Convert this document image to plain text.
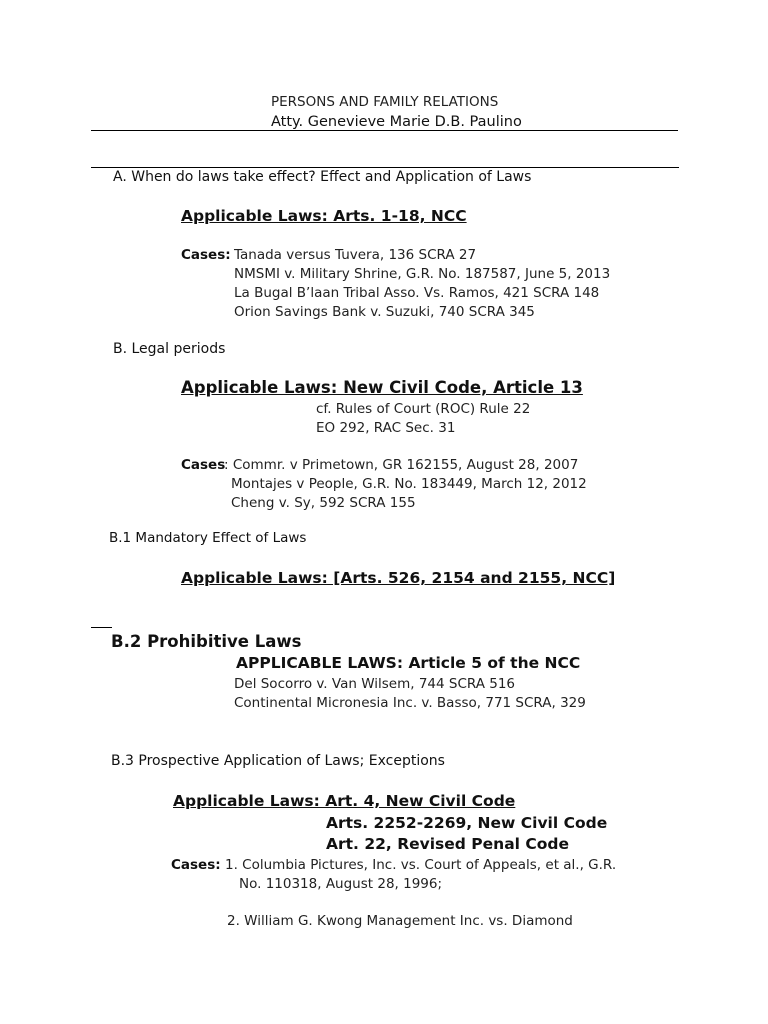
PERSONS AND FAMILY RELATIONS
Atty. Genevieve Marie D.B. Paulino
A. When do laws take effect? Effect and Application of Laws
Applicable Laws: Arts. 1-18, NCC
Cases: Tanada versus Tuvera, 136 SCRA 27
NMSMI v. Military Shrine, G.R. No. 187587, June 5, 2013
La Bugal B’laan Tribal Asso. Vs. Ramos, 421 SCRA 148
Orion Savings Bank v. Suzuki, 740 SCRA 345
B. Legal periods
Applicable Laws: New Civil Code, Article 13
cf. Rules of Court (ROC) Rule 22
EO 292, RAC Sec. 31
Cases
: Commr. v Primetown, GR 162155, August 28, 2007
Montajes v People, G.R. No. 183449, March 12, 2012
Cheng v. Sy, 592 SCRA 155
B.1 Mandatory Effect of Laws
Applicable Laws: [Arts. 526, 2154 and 2155, NCC]
B.2 Prohibitive Laws
APPLICABLE LAWS: Article 5 of the NCC
Del Socorro v. Van Wilsem, 744 SCRA 516
Continental Micronesia Inc. v. Basso, 771 SCRA, 329
B.3 Prospective Application of Laws; Exceptions
Applicable Laws: Art. 4, New Civil Code
Arts. 2252-2269, New Civil Code
Art. 22, Revised Penal Code
Cases: 1. Columbia Pictures, Inc. vs. Court of Appeals, et al., G.R.
No. 110318, August 28, 1996;
2. William G. Kwong Management Inc. vs. Diamond
